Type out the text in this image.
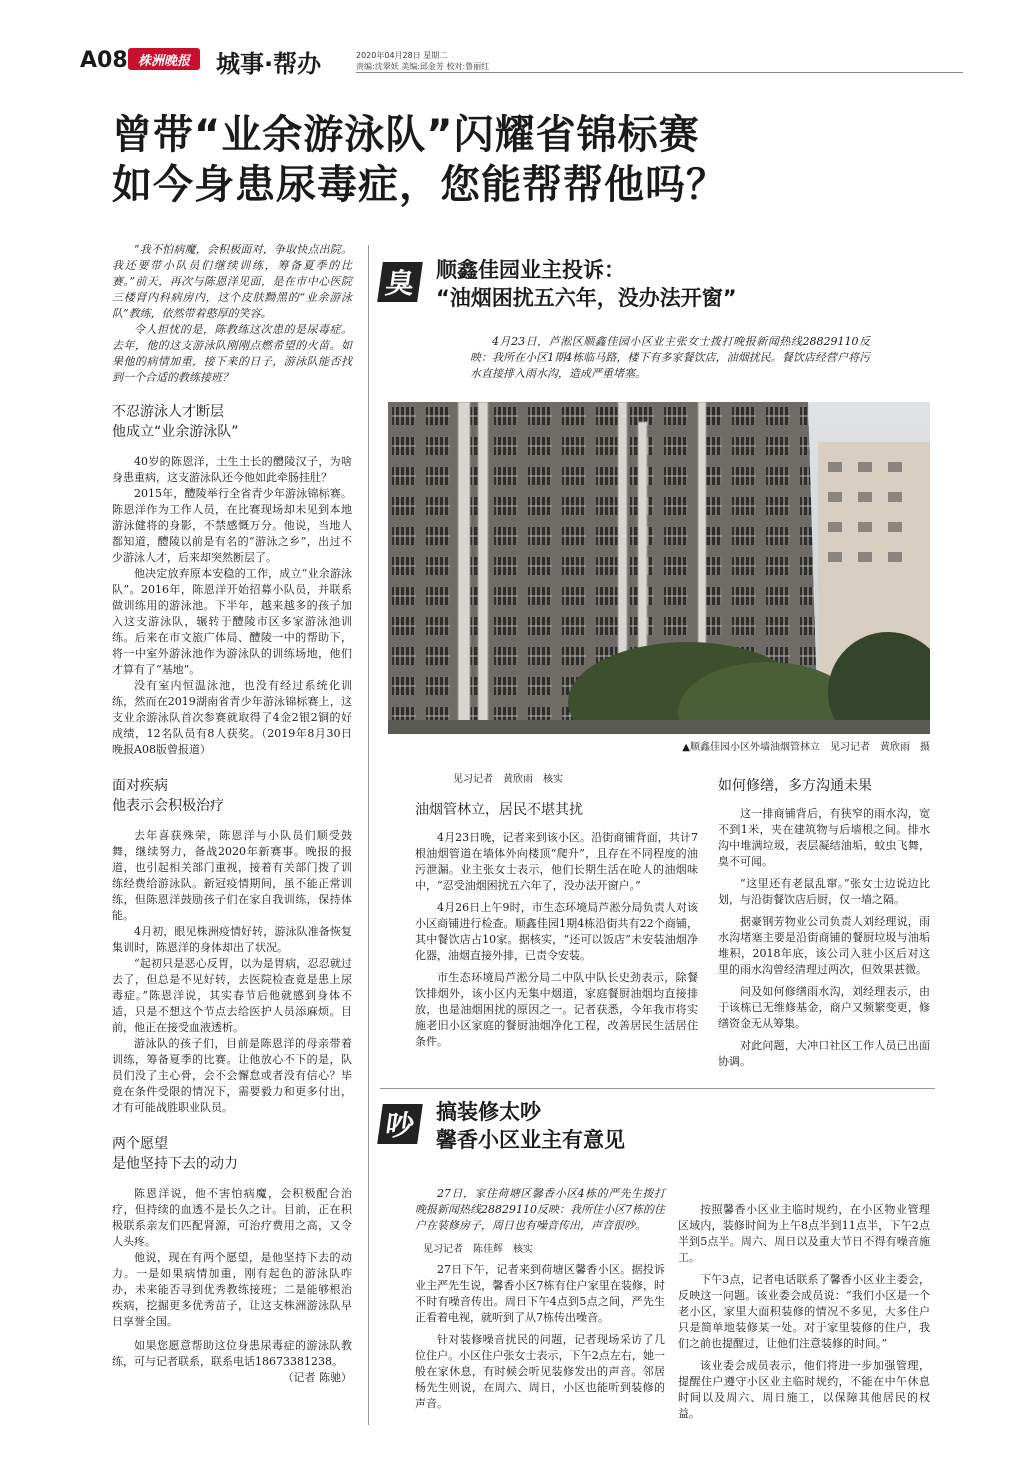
A08 株洲晚报	城事·帮办	2020年04月28日 星期二
责编:沈翠妖 美编:邱金芳 校对:鲁丽红
曾带“业余游泳队”闪耀省锦标赛
如今身患尿毒症，您能帮帮他吗？

“我不怕病魔，会积极面对，争取快点出院。我还要带小队员们继续训练，筹备夏季的比赛。”前天，再次与陈恩洋见面，是在市中心医院三楼肾内科病房内，这个皮肤黝黑的“业余游泳队”教练，依然带着憨厚的笑容。

令人担忧的是，陈教练这次患的是尿毒症。去年，他的这支游泳队刚刚点燃希望的火苗。如果他的病情加重，接下来的日子，游泳队能否找到一个合适的教练接班？

不忍游泳人才断层
他成立“业余游泳队”

40岁的陈恩洋，土生土长的醴陵汉子，为啥身患重病，这支游泳队还今他如此牵肠挂肚？

2015年，醴陵举行全省青少年游泳锦标赛。陈恩洋作为工作人员，在比赛现场却未见到本地游泳健将的身影，不禁感慨万分。他说，当地人都知道，醴陵以前是有名的“游泳之乡”，出过不少游泳人才，后来却突然断层了。

他决定放弃原本安稳的工作，成立“业余游泳队”。2016年，陈恩洋开始招募小队员，并联系做训练用的游泳池。下半年，越来越多的孩子加入这支游泳队，辗转于醴陵市区多家游泳池训练。后来在市文旅广体局、醴陵一中的帮助下，将一中室外游泳池作为游泳队的训练场地，他们才算有了“基地”。

没有室内恒温泳池，也没有经过系统化训练，然而在2019湖南省青少年游泳锦标赛上，这支业余游泳队首次参赛就取得了4金2银2铜的好成绩，12名队员有8人获奖。（2019年8月30日晚报A08版曾报道）

面对疾病
他表示会积极治疗

去年喜获殊荣，陈恩洋与小队员们顺受鼓舞，继续努力，备战2020年新赛事。晚报的报道，也引起相关部门重视，接着有关部门拨了训练经费给游泳队。新冠疫情期间，虽不能正常训练，但陈恩洋鼓励孩子们在家自我训练，保持体能。

4月初，眼见株洲疫情好转，游泳队准备恢复集训时，陈恩洋的身体却出了状况。

“起初只是恶心反胃，以为是胃病，忍忍就过去了，但总是不见好转，去医院检查竟是患上尿毒症。”陈恩洋说，其实春节后他就感到身体不适，只是不想这个节点去给医护人员添麻烦。目前，他正在接受血液透析。

游泳队的孩子们，目前是陈恩洋的母亲带着训练，筹备夏季的比赛。让他放心不下的是，队员们没了主心骨，会不会懈怠或者没有信心？毕竟在条件受限的情况下，需要毅力和更多付出，才有可能战胜职业队员。

两个愿望
是他坚持下去的动力

陈恩洋说，他不害怕病魔，会积极配合治疗，但持续的血透不是长久之计。目前，正在积极联系亲友们匹配肾源，可治疗费用之高，又令人头疼。

他说，现在有两个愿望，是他坚持下去的动力。一是如果病情加重，刚有起色的游泳队咋办，未来能否寻到优秀教练接班；二是能够根治疾病，挖掘更多优秀苗子，让这支株洲游泳队早日享誉全国。

如果您愿意帮助这位身患尿毒症的游泳队教练，可与记者联系，联系电话18673381238。

（记者 陈驰）

臭 顺鑫佳园业主投诉：
“油烟困扰五六年，没办法开窗”

4月23日，芦淞区顺鑫佳园小区业主张女士拨打晚报新闻热线28829110反映：我所在小区1期4栋临马路，楼下有多家餐饮店，油烟扰民。餐饮店经营户将污水直接排入雨水沟，造成严重堵塞。

▲顺鑫佳园小区外墙油烟管林立　见习记者　黄欣雨　摄
见习记者　黄欣雨　核实
油烟管林立，居民不堪其扰

4月23日晚，记者来到该小区。沿街商铺背面，共计7根油烟管道在墙体外向楼顶“爬升”，且存在不同程度的油污泄漏。业主张女士表示，他们长期生活在呛人的油烟味中，“忍受油烟困扰五六年了，没办法开窗户。”

4月26日上午9时，市生态环境局芦淞分局负责人对该小区商铺进行检查。顺鑫佳园1期4栋沿街共有22个商铺，其中餐饮店占10家。据核实，“还可以饭店”未安装油烟净化器，油烟直接外排，已责令安装。

市生态环境局芦淞分局二中队中队长史劲表示，除餐饮排烟外，该小区内无集中烟道，家庭餐厨油烟均直接排放，也是油烟困扰的原因之一。记者获悉，今年我市将实施老旧小区家庭的餐厨油烟净化工程，改善居民生活居住条件。

如何修缮，多方沟通未果

这一排商铺背后，有狭窄的雨水沟，宽不到1米，夹在建筑物与后墙根之间。排水沟中堆满垃圾，表层凝结油垢，蚊虫飞舞，臭不可闻。

“这里还有老鼠乱窜。”张女士边说边比划，与沿街餐饮店后厨，仅一墙之隔。

据豪钢芳物业公司负责人刘经理说，雨水沟堵塞主要是沿街商铺的餐厨垃圾与油垢堆积，2018年底，该公司入驻小区后对这里的雨水沟曾经清理过两次，但效果甚微。

问及如何修缮雨水沟，刘经理表示，由于该栋已无维修基金，商户又频繁变更，修缮资金无从筹集。

对此问题，大冲口社区工作人员已出面协调。

吵 搞装修太吵
馨香小区业主有意见

27日，家住荷塘区馨香小区4栋的严先生拨打晚报新闻热线28829110反映：我所住小区7栋的住户在装修房子，周日也有噪音传出，声音很吵。

见习记者　陈佳辉　核实

27日下午，记者来到荷塘区馨香小区。据投诉业主严先生说，馨香小区7栋有住户家里在装修，时不时有噪音传出。周日下午4点到5点之间，严先生正看着电视，就听到了从7栋传出噪音。

针对装修噪音扰民的问题，记者现场采访了几位住户。小区住户张女士表示，下午2点左右，她一般在家休息，有时候会听见装修发出的声音。邻居杨先生则说，在周六、周日，小区也能听到装修的声音。

按照馨香小区业主临时规约，在小区物业管理区域内，装修时间为上午8点半到11点半，下午2点半到5点半。周六、周日以及重大节日不得有噪音施工。

下午3点，记者电话联系了馨香小区业主委会，反映这一问题。该业委会成员说：“我们小区是一个老小区，家里大面积装修的情况不多见，大多住户只是简单地装修某一处。对于家里装修的住户，我们之前也提醒过，让他们注意装修的时间。”

该业委会成员表示，他们将进一步加强管理，提醒住户遵守小区业主临时规约，不能在中午休息时间以及周六、周日施工，以保障其他居民的权益。
